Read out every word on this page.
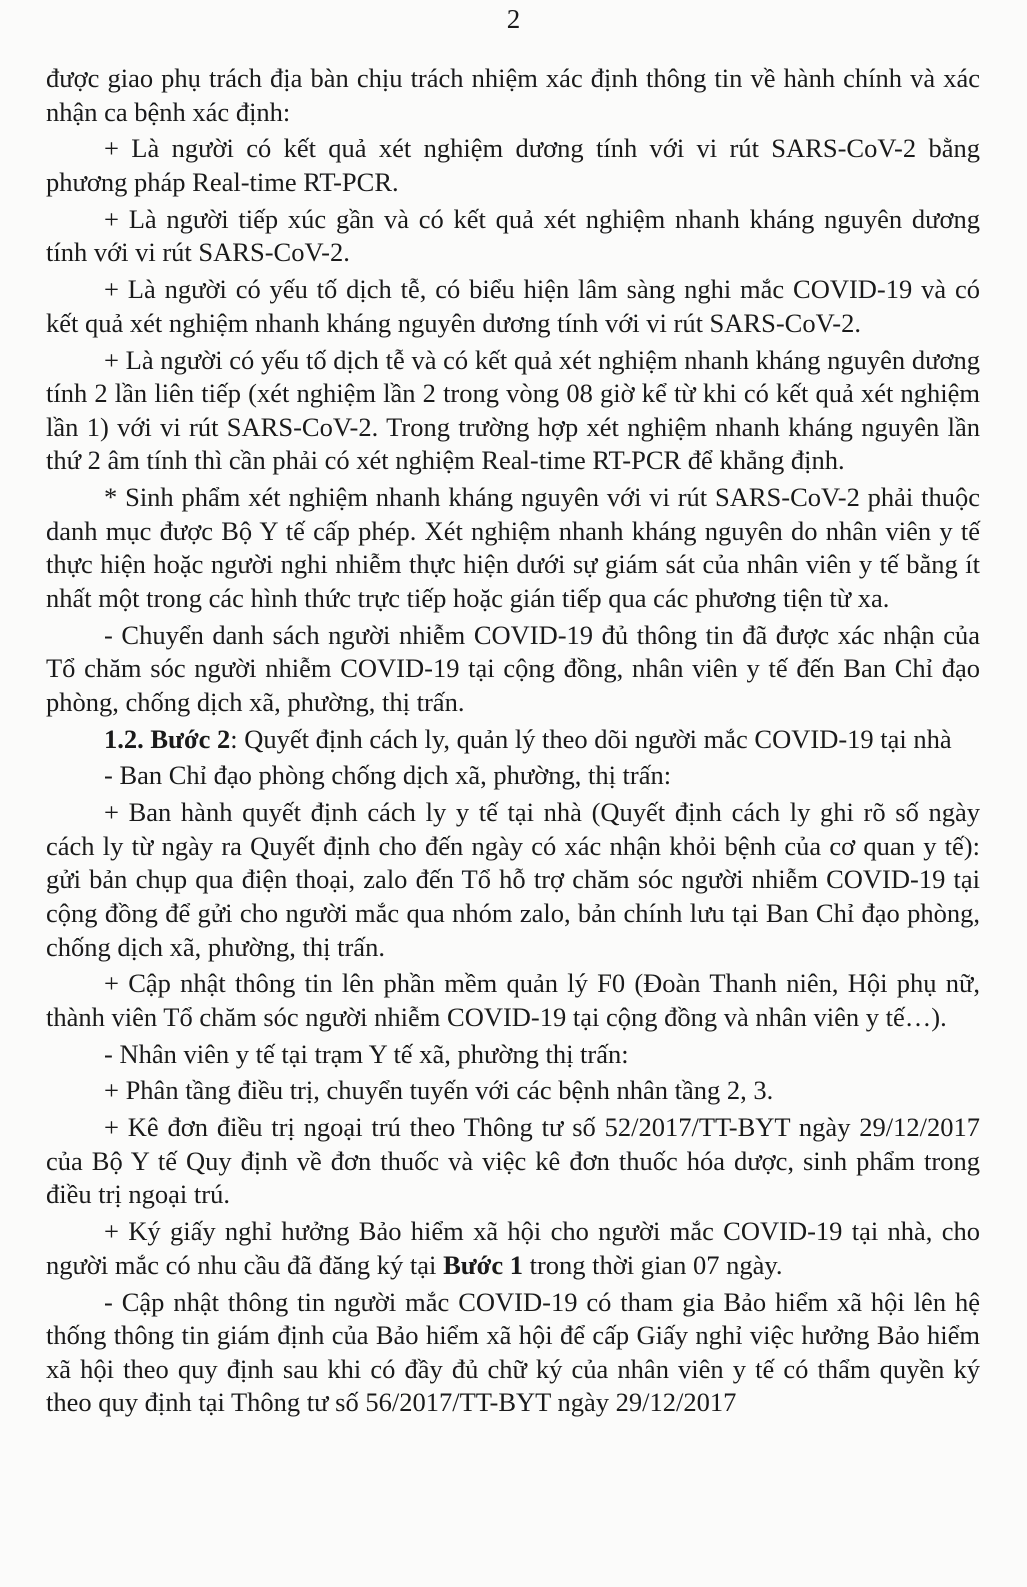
2

được giao phụ trách địa bàn chịu trách nhiệm xác định thông tin về hành chính và xác nhận ca bệnh xác định:

+ Là người có kết quả xét nghiệm dương tính với vi rút SARS-CoV-2 bằng phương pháp Real-time RT-PCR.

+ Là người tiếp xúc gần và có kết quả xét nghiệm nhanh kháng nguyên dương tính với vi rút SARS-CoV-2.

+ Là người có yếu tố dịch tễ, có biểu hiện lâm sàng nghi mắc COVID-19 và có kết quả xét nghiệm nhanh kháng nguyên dương tính với vi rút SARS-CoV-2.

+ Là người có yếu tố dịch tễ và có kết quả xét nghiệm nhanh kháng nguyên dương tính 2 lần liên tiếp (xét nghiệm lần 2 trong vòng 08 giờ kể từ khi có kết quả xét nghiệm lần 1) với vi rút SARS-CoV-2. Trong trường hợp xét nghiệm nhanh kháng nguyên lần thứ 2 âm tính thì cần phải có xét nghiệm Real-time RT-PCR để khẳng định.

* Sinh phẩm xét nghiệm nhanh kháng nguyên với vi rút SARS-CoV-2 phải thuộc danh mục được Bộ Y tế cấp phép. Xét nghiệm nhanh kháng nguyên do nhân viên y tế thực hiện hoặc người nghi nhiễm thực hiện dưới sự giám sát của nhân viên y tế bằng ít nhất một trong các hình thức trực tiếp hoặc gián tiếp qua các phương tiện từ xa.

- Chuyển danh sách người nhiễm COVID-19 đủ thông tin đã được xác nhận của Tổ chăm sóc người nhiễm COVID-19 tại cộng đồng, nhân viên y tế đến Ban Chỉ đạo phòng, chống dịch xã, phường, thị trấn.

1.2. Bước 2: Quyết định cách ly, quản lý theo dõi người mắc COVID-19 tại nhà

- Ban Chỉ đạo phòng chống dịch xã, phường, thị trấn:

+ Ban hành quyết định cách ly y tế tại nhà (Quyết định cách ly ghi rõ số ngày cách ly từ ngày ra Quyết định cho đến ngày có xác nhận khỏi bệnh của cơ quan y tế): gửi bản chụp qua điện thoại, zalo đến Tổ hỗ trợ chăm sóc người nhiễm COVID-19 tại cộng đồng để gửi cho người mắc qua nhóm zalo, bản chính lưu tại Ban Chỉ đạo phòng, chống dịch xã, phường, thị trấn.

+ Cập nhật thông tin lên phần mềm quản lý F0 (Đoàn Thanh niên, Hội phụ nữ, thành viên Tổ chăm sóc người nhiễm COVID-19 tại cộng đồng và nhân viên y tế…).

- Nhân viên y tế tại trạm Y tế xã, phường thị trấn:

+ Phân tầng điều trị, chuyển tuyến với các bệnh nhân tầng 2, 3.

+ Kê đơn điều trị ngoại trú theo Thông tư số 52/2017/TT-BYT ngày 29/12/2017 của Bộ Y tế Quy định về đơn thuốc và việc kê đơn thuốc hóa dược, sinh phẩm trong điều trị ngoại trú.

+ Ký giấy nghỉ hưởng Bảo hiểm xã hội cho người mắc COVID-19 tại nhà, cho người mắc có nhu cầu đã đăng ký tại Bước 1 trong thời gian 07 ngày.

- Cập nhật thông tin người mắc COVID-19 có tham gia Bảo hiểm xã hội lên hệ thống thông tin giám định của Bảo hiểm xã hội để cấp Giấy nghỉ việc hưởng Bảo hiểm xã hội theo quy định sau khi có đầy đủ chữ ký của nhân viên y tế có thẩm quyền ký theo quy định tại Thông tư số 56/2017/TT-BYT ngày 29/12/2017
